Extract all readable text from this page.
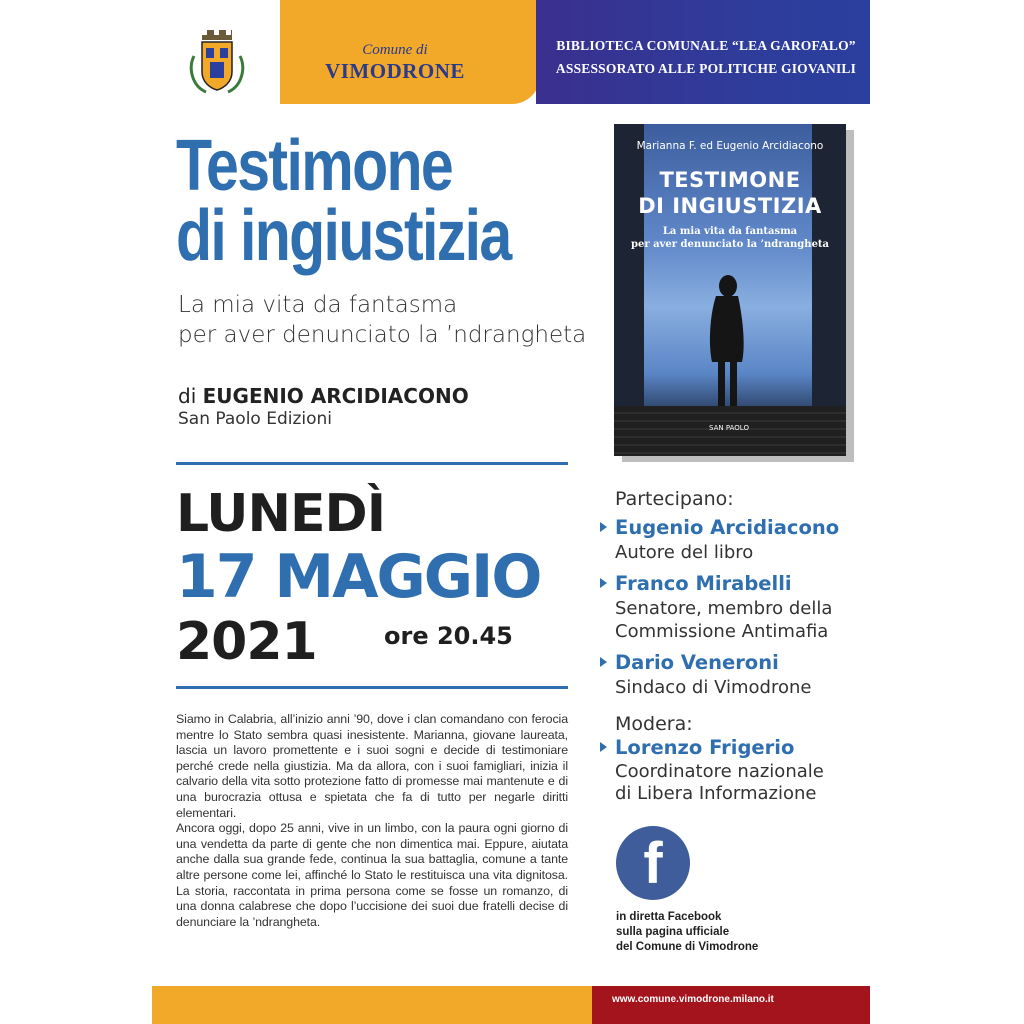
Comune di
VIMODRONE
BIBLIOTECA COMUNALE “LEA GAROFALO”
ASSESSORATO ALLE POLITICHE GIOVANILI
Testimone
di ingiustizia
La mia vita da fantasma
per aver denunciato la ’ndrangheta
di EUGENIO ARCIDIACONO
San Paolo Edizioni
LUNEDÌ
17 MAGGIO
2021	ore 20.45

Siamo in Calabria, all’inizio anni ’90, dove i clan comandano con ferocia mentre lo Stato sembra quasi inesistente. Marianna, giovane laureata, lascia un lavoro promettente e i suoi sogni e decide di testimoniare perché crede nella giustizia. Ma da allora, con i suoi famigliari, inizia il calvario della vita sotto protezione fatto di promesse mai mantenute e di una burocrazia ottusa e spietata che fa di tutto per negarle diritti elementari.

Ancora oggi, dopo 25 anni, vive in un limbo, con la paura ogni giorno di una vendetta da parte di gente che non dimentica mai. Eppure, aiutata anche dalla sua grande fede, continua la sua battaglia, comune a tante altre persone come lei, affinché lo Stato le restituisca una vita dignitosa. La storia, raccontata in prima persona come se fosse un romanzo, di una donna calabrese che dopo l’uccisione dei suoi due fratelli decise di denunciare la ’ndrangheta.

Marianna F. ed Eugenio Arcidiacono
TESTIMONE
DI INGIUSTIZIA
La mia vita da fantasma
per aver denunciato la ’ndrangheta
SAN PAOLO
Partecipano:
Eugenio Arcidiacono
Autore del libro
Franco Mirabelli
Senatore, membro della
Commissione Antimafia
Dario Veneroni
Sindaco di Vimodrone
Modera:
Lorenzo Frigerio
Coordinatore nazionale
di Libera Informazione
f
in diretta Facebook
sulla pagina ufficiale
del Comune di Vimodrone
www.comune.vimodrone.milano.it
